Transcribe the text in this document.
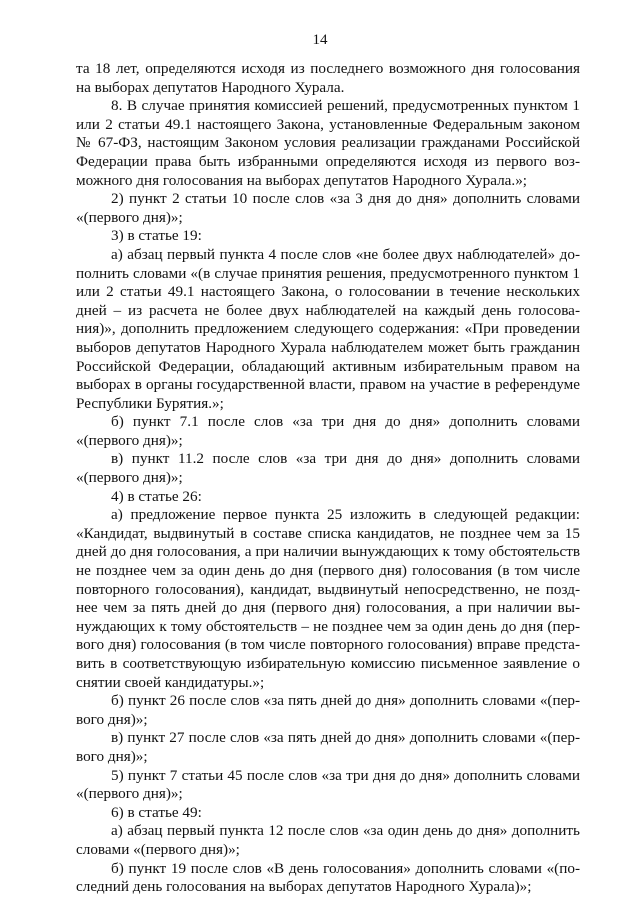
14

та 18 лет, определяются исходя из последнего возможного дня голосования на выборах депутатов Народного Хурала.

8. В случае принятия комиссией решений, предусмотренных пунктом 1 или 2 статьи 49.1 настоящего Закона, установленные Федеральным законом № 67-ФЗ, настоящим Законом условия реализации гражданами Российской Федерации права быть избранными определяются исходя из первого возможного дня голосования на выборах депутатов Народного Хурала.»;

2) пункт 2 статьи 10 после слов «за 3 дня до дня» дополнить словами «(первого дня)»;

3) в статье 19:

а) абзац первый пункта 4 после слов «не более двух наблюдателей» дополнить словами «(в случае принятия решения, предусмотренного пунктом 1 или 2 статьи 49.1 настоящего Закона, о голосовании в течение нескольких дней – из расчета не более двух наблюдателей на каждый день голосования)», дополнить предложением следующего содержания: «При проведении выборов депутатов Народного Хурала наблюдателем может быть гражданин Российской Федерации, обладающий активным избирательным правом на выборах в органы государственной власти, правом на участие в референдуме Республики Бурятия.»;

б) пункт 7.1 после слов «за три дня до дня» дополнить словами «(первого дня)»;

в) пункт 11.2 после слов «за три дня до дня» дополнить словами «(первого дня)»;

4) в статье 26:

а) предложение первое пункта 25 изложить в следующей редакции: «Кандидат, выдвинутый в составе списка кандидатов, не позднее чем за 15 дней до дня голосования, а при наличии вынуждающих к тому обстоятельств не позднее чем за один день до дня (первого дня) голосования (в том числе повторного голосования), кандидат, выдвинутый непосредственно, не позднее чем за пять дней до дня (первого дня) голосования, а при наличии вынуждающих к тому обстоятельств – не позднее чем за один день до дня (первого дня) голосования (в том числе повторного голосования) вправе представить в соответствующую избирательную комиссию письменное заявление о снятии своей кандидатуры.»;

б) пункт 26 после слов «за пять дней до дня» дополнить словами «(первого дня)»;

в) пункт 27 после слов «за пять дней до дня» дополнить словами «(первого дня)»;

5) пункт 7 статьи 45 после слов «за три дня до дня» дополнить словами «(первого дня)»;

6) в статье 49:

а) абзац первый пункта 12 после слов «за один день до дня» дополнить словами «(первого дня)»;

б) пункт 19 после слов «В день голосования» дополнить словами «(последний день голосования на выборах депутатов Народного Хурала)»;
